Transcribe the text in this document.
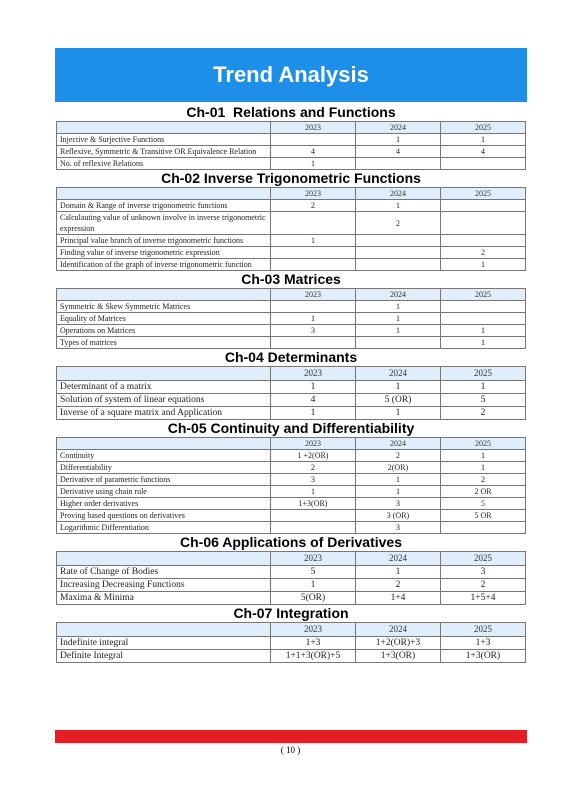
Trend Analysis
Ch-01  Relations and Functions
	2023	2024	2025
Injective & Surjective Functions		1	1
Reflexive, Symmetric & Transitive OR Equivalence Relation	4	4	4
No. of reflexive Relations	1		
Ch-02 Inverse Trigonometric Functions
	2023	2024	2025
Domain & Range of inverse trigonometric functions	2	1	
Calculauting value of unknown involve in inverse trigonometric expression		2	
Principal value branch of inverse trigonometric functions	1		
Finding value of inverse trigonometric expression			2
Identification of the graph of inverse trigonometric function			1
Ch-03 Matrices
	2023	2024	2025
Symmetric & Skew Symmetric Matrices		1	
Equality of Matrices	1	1	
Operations on Matrices	3	1	1
Types of matrices			1
Ch-04 Determinants
	2023	2024	2025
Determinant of a matrix	1	1	1
Solution of system of linear equations	4	5 (OR)	5
Inverse of a square matrix and Application	1	1	2
Ch-05 Continuity and Differentiability
	2023	2024	2025
Continuity	1 +2(OR)	2	1
Differentiability	2	2(OR)	1
Derivative of parametric functions	3	1	2
Derivative using chain rule	1	1	2 OR
Higher order derivatives	1+3(OR)	3	5
Proving based questions on derivatives		3 (OR)	5 OR
Logarithmic Differentiation		3	
Ch-06 Applications of Derivatives
	2023	2024	2025
Rate of Change of Bodies	5	1	3
Increasing Decreasing Functions	1	2	2
Maxima & Minima	5(OR)	1+4	1+5+4
Ch-07 Integration
	2023	2024	2025
Indefinite integral	1+3	1+2(OR)+3	1+3
Definite Integral	1+1+3(OR)+5	1+3(OR)	1+3(OR)
( 10 )
